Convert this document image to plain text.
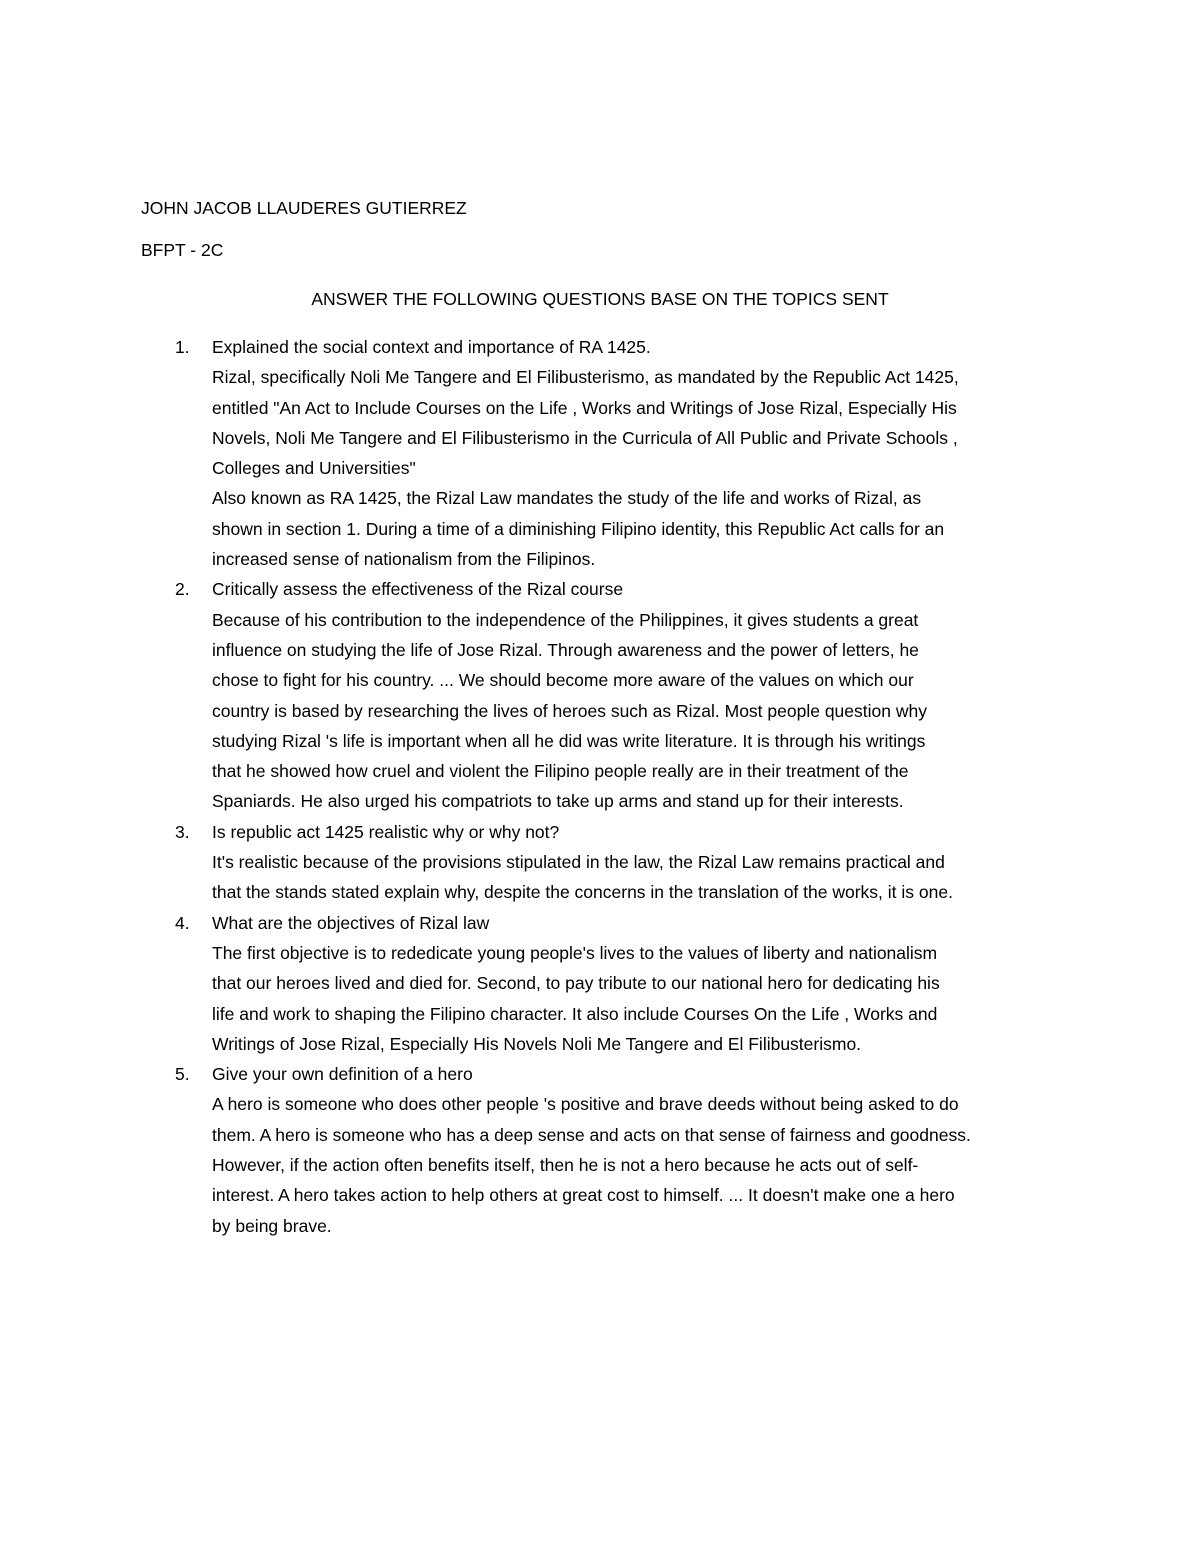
JOHN JACOB LLAUDERES GUTIERREZ
BFPT - 2C
ANSWER THE FOLLOWING QUESTIONS BASE ON THE TOPICS SENT
1.	Explained the social context and importance of RA 1425.
Rizal, specifically Noli Me Tangere and El Filibusterismo, as mandated by the Republic Act 1425,
entitled "An Act to Include Courses on the Life , Works and Writings of Jose Rizal, Especially His
Novels, Noli Me Tangere and El Filibusterismo in the Curricula of All Public and Private Schools ,
Colleges and Universities"
Also known as RA 1425, the Rizal Law mandates the study of the life and works of Rizal, as
shown in section 1. During a time of a diminishing Filipino identity, this Republic Act calls for an
increased sense of nationalism from the Filipinos.
2.	Critically assess the effectiveness of the Rizal course
Because of his contribution to the independence of the Philippines, it gives students a great
influence on studying the life of Jose Rizal. Through awareness and the power of letters, he
chose to fight for his country. ... We should become more aware of the values on which our
country is based by researching the lives of heroes such as Rizal. Most people question why
studying Rizal 's life is important when all he did was write literature. It is through his writings
that he showed how cruel and violent the Filipino people really are in their treatment of the
Spaniards. He also urged his compatriots to take up arms and stand up for their interests.
3.	Is republic act 1425 realistic why or why not?
It's realistic because of the provisions stipulated in the law, the Rizal Law remains practical and
that the stands stated explain why, despite the concerns in the translation of the works, it is one.
4.	What are the objectives of Rizal law
The first objective is to rededicate young people's lives to the values of liberty and nationalism
that our heroes lived and died for. Second, to pay tribute to our national hero for dedicating his
life and work to shaping the Filipino character. It also include Courses On the Life , Works and
Writings of Jose Rizal, Especially His Novels Noli Me Tangere and El Filibusterismo.
5.	Give your own definition of a hero
A hero is someone who does other people 's positive and brave deeds without being asked to do
them. A hero is someone who has a deep sense and acts on that sense of fairness and goodness.
However, if the action often benefits itself, then he is not a hero because he acts out of self-
interest. A hero takes action to help others at great cost to himself. ... It doesn't make one a hero
by being brave.
